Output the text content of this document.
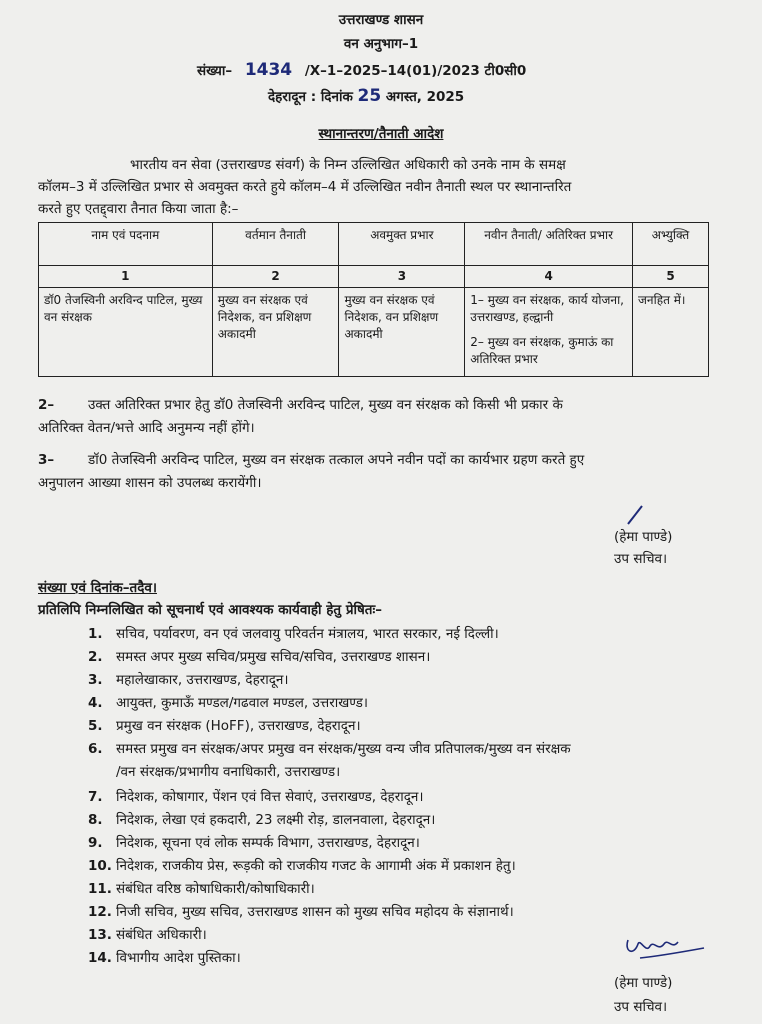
उत्तराखण्ड शासन
वन अनुभाग–1
संख्या– 1434 /X–1–2025–14(01)/2023 टी0सी0
देहरादून : दिनांक 25 अगस्त, 2025
स्थानान्तरण/तैनाती आदेश
भारतीय वन सेवा (उत्तराखण्ड संवर्ग) के निम्न उल्लिखित अधिकारी को उनके नाम के समक्ष
कॉलम–3 में उल्लिखित प्रभार से अवमुक्त करते हुये कॉलम–4 में उल्लिखित नवीन तैनाती स्थल पर स्थानान्तरित
करते हुए एतद्द्वारा तैनात किया जाता है:–
नाम एवं पदनाम	वर्तमान तैनाती	अवमुक्त प्रभार	नवीन तैनाती/ अतिरिक्त प्रभार	अभ्युक्ति
1	2	3	4	5
डॉ0 तेजस्विनी अरविन्द पाटिल, मुख्य वन संरक्षक	मुख्य वन संरक्षक एवं निदेशक, वन प्रशिक्षण अकादमी	मुख्य वन संरक्षक एवं निदेशक, वन प्रशिक्षण अकादमी	1– मुख्य वन संरक्षक, कार्य योजना, उत्तराखण्ड, हल्द्वानी
2– मुख्य वन संरक्षक, कुमाऊं का अतिरिक्त प्रभार	जनहित में।
2–	उक्त अतिरिक्त प्रभार हेतु डॉ0 तेजस्विनी अरविन्द पाटिल, मुख्य वन संरक्षक को किसी भी प्रकार के
अतिरिक्त वेतन/भत्ते आदि अनुमन्य नहीं होंगे।
3–	डॉ0 तेजस्विनी अरविन्द पाटिल, मुख्य वन संरक्षक तत्काल अपने नवीन पदों का कार्यभार ग्रहण करते हुए
अनुपालन आख्या शासन को उपलब्ध करायेंगी।
(हेमा पाण्डे)
उप सचिव।
संख्या एवं दिनांक–तदैव।
प्रतिलिपि निम्नलिखित को सूचनार्थ एवं आवश्यक कार्यवाही हेतु प्रेषितः–
1. सचिव, पर्यावरण, वन एवं जलवायु परिवर्तन मंत्रालय, भारत सरकार, नई दिल्ली।
2. समस्त अपर मुख्य सचिव/प्रमुख सचिव/सचिव, उत्तराखण्ड शासन।
3. महालेखाकार, उत्तराखण्ड, देहरादून।
4. आयुक्त, कुमाऊँ मण्डल/गढवाल मण्डल, उत्तराखण्ड।
5. प्रमुख वन संरक्षक (HoFF), उत्तराखण्ड, देहरादून।
6. समस्त प्रमुख वन संरक्षक/अपर प्रमुख वन संरक्षक/मुख्य वन्य जीव प्रतिपालक/मुख्य वन संरक्षक
/वन संरक्षक/प्रभागीय वनाधिकारी, उत्तराखण्ड।
7. निदेशक, कोषागार, पेंशन एवं वित्त सेवाएं, उत्तराखण्ड, देहरादून।
8. निदेशक, लेखा एवं हकदारी, 23 लक्ष्मी रोड़, डालनवाला, देहरादून।
9. निदेशक, सूचना एवं लोक सम्पर्क विभाग, उत्तराखण्ड, देहरादून।
10. निदेशक, राजकीय प्रेस, रूड़की को राजकीय गजट के आगामी अंक में प्रकाशन हेतु।
11. संबंधित वरिष्ठ कोषाधिकारी/कोषाधिकारी।
12. निजी सचिव, मुख्य सचिव, उत्तराखण्ड शासन को मुख्य सचिव महोदय के संज्ञानार्थ।
13. संबंधित अधिकारी।
14. विभागीय आदेश पुस्तिका।
(हेमा पाण्डे)
उप सचिव।
